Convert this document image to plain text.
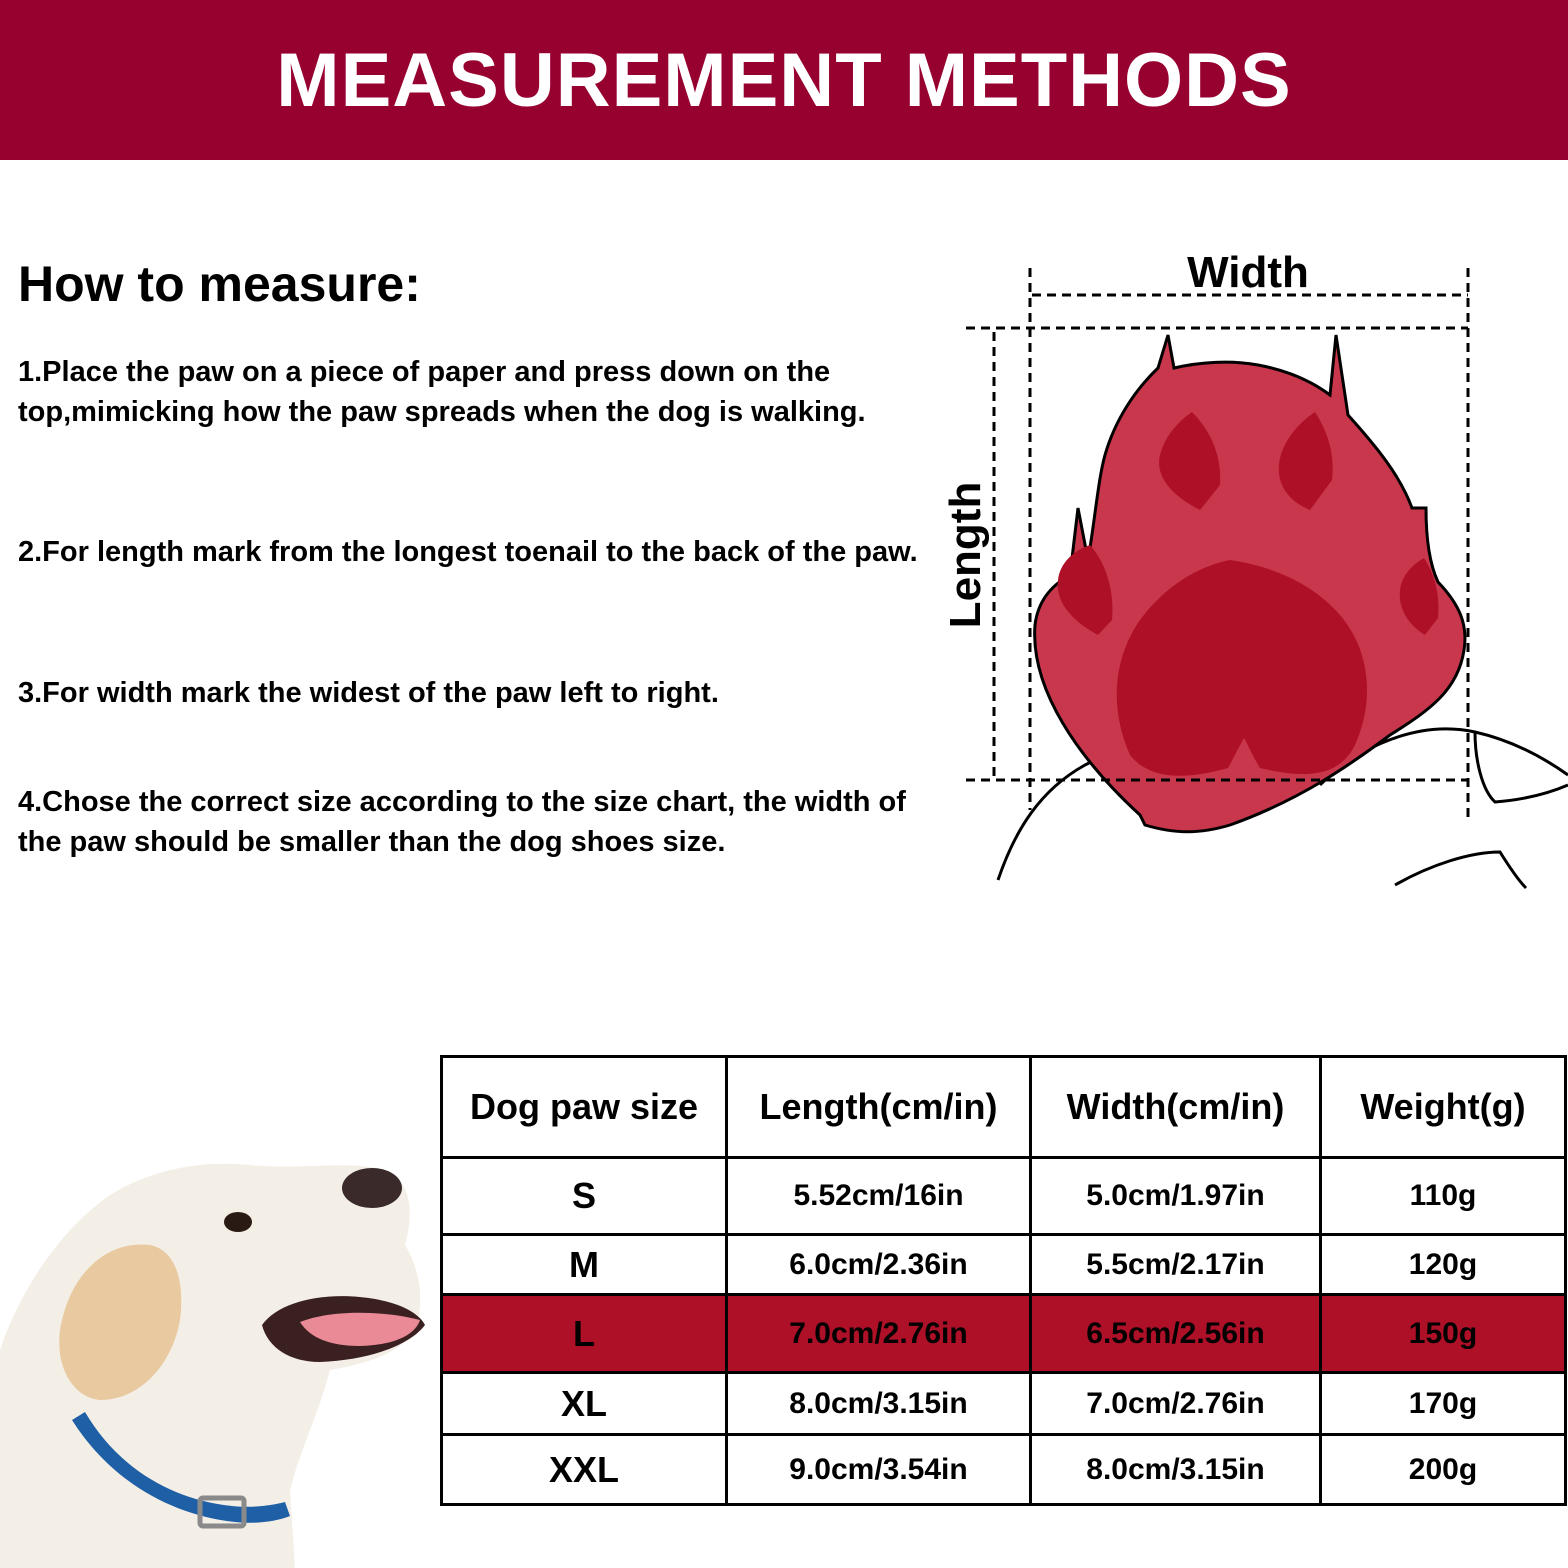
MEASUREMENT METHODS
How to measure:

1.Place the paw on a piece of paper and press down on the top,mimicking how the paw spreads when the dog is walking.

2.For length mark from the longest toenail to the back of the paw.

3.For width mark the widest of the paw left to right.

4.Chose the correct size according to the size chart, the width of the paw should be smaller than the dog shoes size.

Width
Length
Dog paw size	Length(cm/in)	Width(cm/in)	Weight(g)
S	5.52cm/16in	5.0cm/1.97in	110g
M	6.0cm/2.36in	5.5cm/2.17in	120g
L	7.0cm/2.76in	6.5cm/2.56in	150g
XL	8.0cm/3.15in	7.0cm/2.76in	170g
XXL	9.0cm/3.54in	8.0cm/3.15in	200g
